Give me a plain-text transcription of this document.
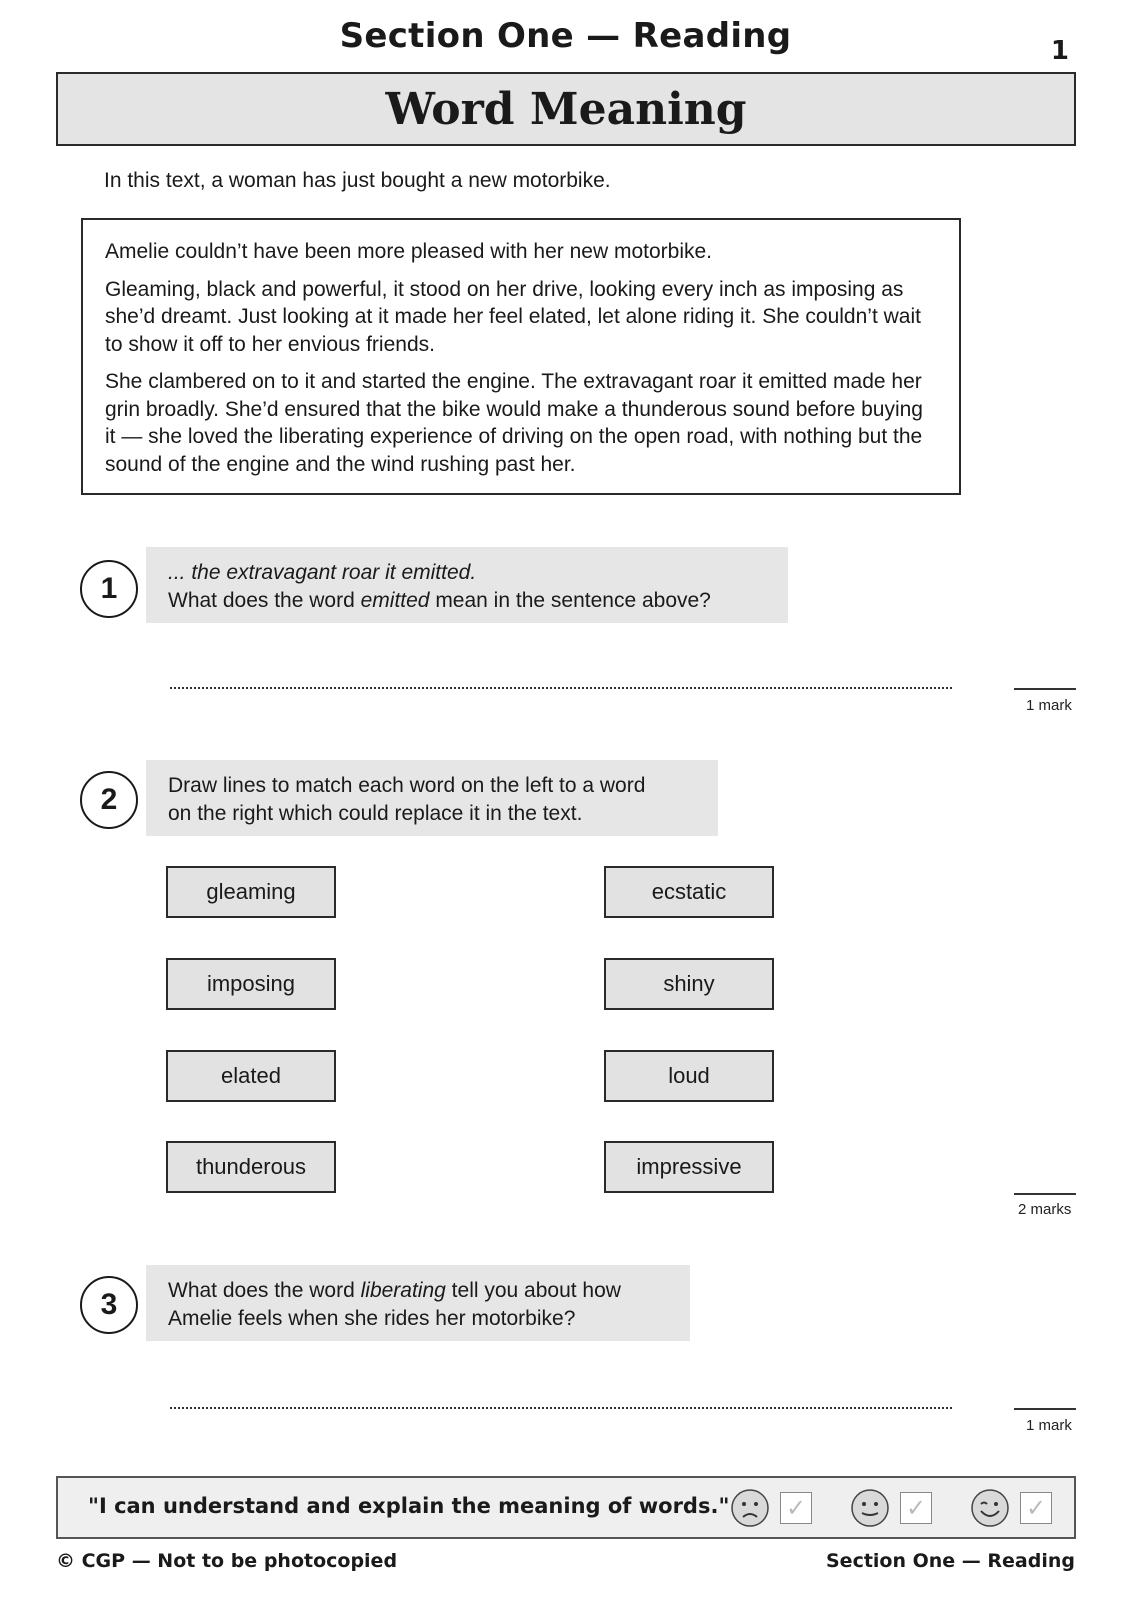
Section One — Reading	1
Word Meaning
In this text, a woman has just bought a new motorbike.

Amelie couldn’t have been more pleased with her new motorbike.

Gleaming, black and powerful, it stood on her drive, looking every inch as imposing as she’d dreamt. Just looking at it made her feel elated, let alone riding it. She couldn’t wait to show it off to her envious friends.

She clambered on to it and started the engine. The extravagant roar it emitted made her grin broadly. She’d ensured that the bike would make a thunderous sound before buying it — she loved the liberating experience of driving on the open road, with nothing but the sound of the engine and the wind rushing past her.

1	... the extravagant roar it emitted.
What does the word emitted mean in the sentence above?
1 mark
2	Draw lines to match each word on the left to a word
on the right which could replace it in the text.
gleaming
imposing
elated
thunderous
ecstatic
shiny
loud
impressive
2 marks
3	What does the word liberating tell you about how
Amelie feels when she rides her motorbike?
1 mark
"I can understand and explain the meaning of words." ✓	✓	✓
© CGP — Not to be photocopied	Section One — Reading
